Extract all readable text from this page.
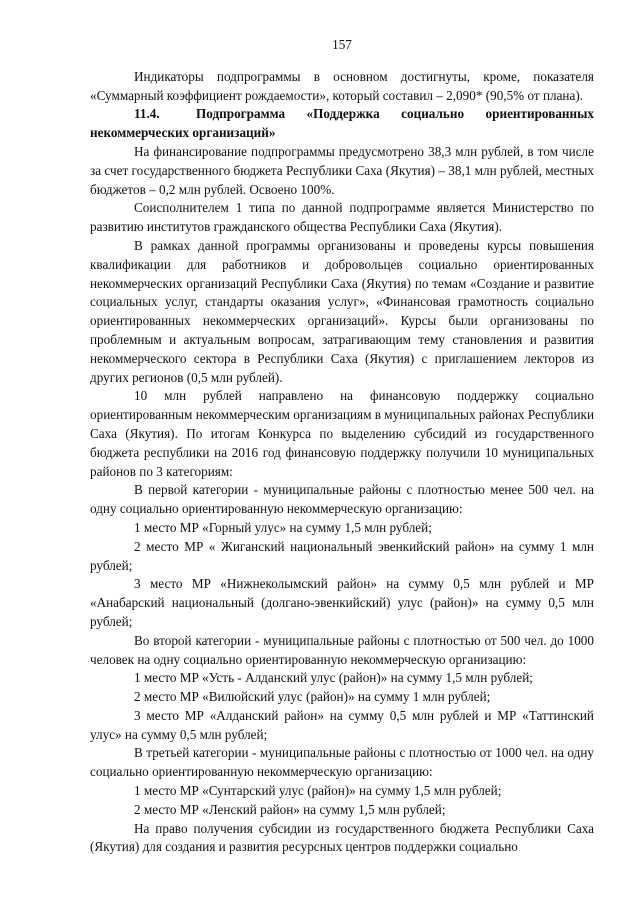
157

Индикаторы подпрограммы в основном достигнуты, кроме, показателя «Суммарный коэффициент рождаемости», который составил – 2,090* (90,5% от плана).

11.4.	Подпрограмма «Поддержка социально ориентированных некоммерческих организаций»

На финансирование подпрограммы предусмотрено 38,3 млн рублей, в том числе за счет государственного бюджета Республики Саха (Якутия) – 38,1 млн рублей, местных бюджетов – 0,2 млн рублей. Освоено 100%.

Соисполнителем 1 типа по данной подпрограмме является Министерство по развитию институтов гражданского общества Республики Саха (Якутия).

В рамках данной программы организованы и проведены курсы повышения квалификации для работников и добровольцев социально ориентированных некоммерческих организаций Республики Саха (Якутия) по темам «Создание и развитие социальных услуг, стандарты оказания услуг», «Финансовая грамотность социально ориентированных некоммерческих организаций». Курсы были организованы по проблемным и актуальным вопросам, затрагивающим тему становления и развития некоммерческого сектора в Республики Саха (Якутия) с приглашением лекторов из других регионов (0,5 млн рублей).

10 млн рублей направлено на финансовую поддержку социально ориентированным некоммерческим организациям в муниципальных районах Республики Саха (Якутия). По итогам Конкурса по выделению субсидий из государственного бюджета республики на 2016 год финансовую поддержку получили 10 муниципальных районов по 3 категориям:

В первой категории - муниципальные районы с плотностью менее 500 чел. на одну социально ориентированную некоммерческую организацию:

1 место МР «Горный улус» на сумму 1,5 млн рублей;

2 место МР « Жиганский национальный эвенкийский район» на сумму 1 млн рублей;

3 место МР «Нижнеколымский район» на сумму 0,5 млн рублей и МР «Анабарский национальный (долгано-эвенкийский) улус (район)» на сумму 0,5 млн рублей;

Во второй категории - муниципальные районы с плотностью от 500 чел. до 1000 человек на одну социально ориентированную некоммерческую организацию:

1 место МР «Усть - Алданский улус (район)» на сумму 1,5 млн рублей;

2 место МР «Вилюйский улус (район)» на сумму 1 млн рублей;

3 место МР «Алданский район» на сумму 0,5 млн рублей и МР «Таттинский улус» на сумму 0,5 млн рублей;

В третьей категории - муниципальные районы с плотностью от 1000 чел. на одну социально ориентированную некоммерческую организацию:

1 место МР «Сунтарский улус (район)» на сумму 1,5 млн рублей;

2 место МР «Ленский район» на сумму 1,5 млн рублей;

На право получения субсидии из государственного бюджета Республики Саха (Якутия) для создания и развития ресурсных центров поддержки социально
